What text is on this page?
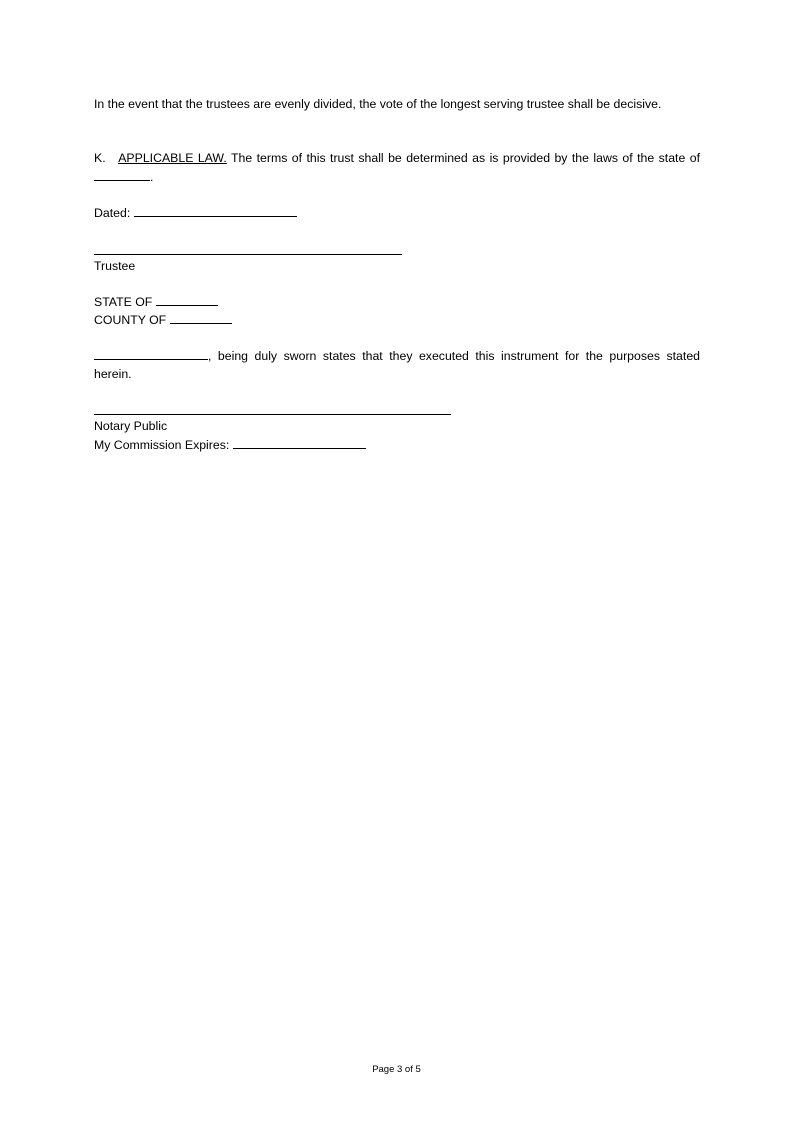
In the event that the trustees are evenly divided, the vote of the longest serving trustee shall be decisive.
K. APPLICABLE LAW. The terms of this trust shall be determined as is provided by the laws of the state of .
Dated:
Trustee
STATE OF
COUNTY OF
, being duly sworn states that they executed this instrument for the purposes stated herein.
Notary Public
My Commission Expires:
Page 3 of 5
